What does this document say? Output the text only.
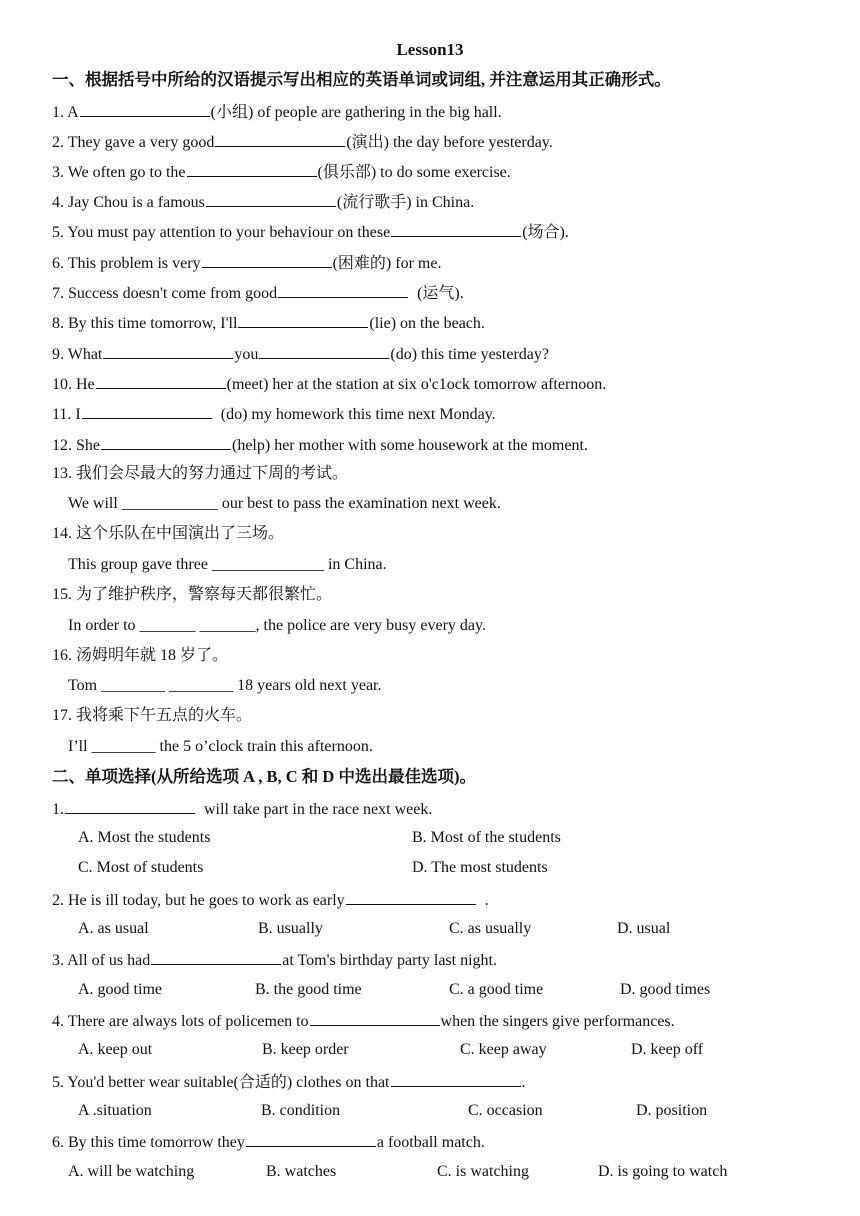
Lesson13
一、根据括号中所给的汉语提示写出相应的英语单词或词组, 并注意运用其正确形式。
1. A	(小组) of people are gathering in the big hall.
2. They gave a very good	(演出) the day before yesterday.
3. We often go to the	(俱乐部) to do some exercise.
4. Jay Chou is a famous	(流行歌手) in China.
5. You must pay attention to your behaviour on these	(场合).
6. This problem is very	(困难的) for me.
7. Success doesn't come from good	(运气).
8. By this time tomorrow, I'll	(lie) on the beach.
9. What	you	(do) this time yesterday?
10. He	(meet) her at the station at six o'c1ock tomorrow afternoon.
11. I	(do) my homework this time next Monday.
12. She	(help) her mother with some housework at the moment.
13. 我们会尽最大的努力通过下周的考试。
We will ____________ our best to pass the examination next week.
14. 这个乐队在中国演出了三场。
This group gave three ______________ in China.
15. 为了维护秩序，警察每天都很繁忙。
In order to _______ _______, the police are very busy every day.
16. 汤姆明年就 18 岁了。
Tom ________ ________ 18 years old next year.
17. 我将乘下午五点的火车。
I’ll ________ the 5 o’clock train this afternoon.
二、单项选择(从所给选项 A , B, C 和 D 中选出最佳选项)。
1.	will take part in the race next week.
A. Most the students	B. Most of the students
C. Most of students	D. The most students
2. He is ill today, but he goes to work as early	.
A. as usual	B. usually	C. as usually	D. usual
3. All of us had	at Tom's birthday party last night.
A. good time	B. the good time	C. a good time	D. good times
4. There are always lots of policemen to	when the singers give performances.
A. keep out	B. keep order	C. keep away	D. keep off
5. You'd better wear suitable(合适的) clothes on that	.
A .situation	B. condition	C. occasion	D. position
6. By this time tomorrow they	a football match.
A. will be watching	B. watches	C. is watching	D. is going to watch
